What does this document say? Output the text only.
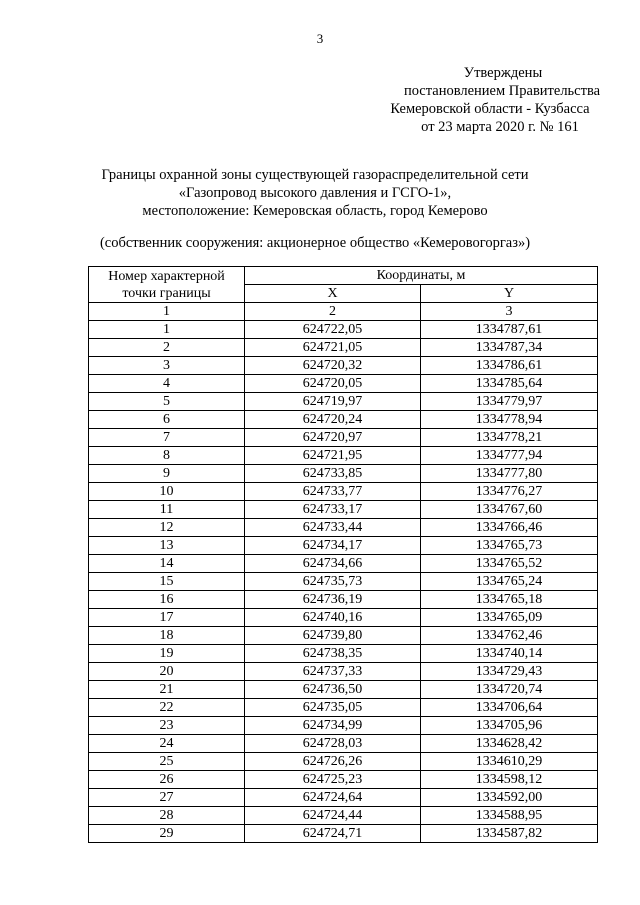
3
Утверждены
постановлением Правительства
Кемеровской области - Кузбасса
от 23 марта 2020 г. № 161
Границы охранной зоны существующей газораспределительной сети
«Газопровод высокого давления и ГСГО-1»,
местоположение: Кемеровская область, город Кемерово
(собственник сооружения: акционерное общество «Кемеровогоргаз»)
Номер характерной
точки границы	Координаты, м	
	X	Y
1	2	3
1	624722,05	1334787,61
2	624721,05	1334787,34
3	624720,32	1334786,61
4	624720,05	1334785,64
5	624719,97	1334779,97
6	624720,24	1334778,94
7	624720,97	1334778,21
8	624721,95	1334777,94
9	624733,85	1334777,80
10	624733,77	1334776,27
11	624733,17	1334767,60
12	624733,44	1334766,46
13	624734,17	1334765,73
14	624734,66	1334765,52
15	624735,73	1334765,24
16	624736,19	1334765,18
17	624740,16	1334765,09
18	624739,80	1334762,46
19	624738,35	1334740,14
20	624737,33	1334729,43
21	624736,50	1334720,74
22	624735,05	1334706,64
23	624734,99	1334705,96
24	624728,03	1334628,42
25	624726,26	1334610,29
26	624725,23	1334598,12
27	624724,64	1334592,00
28	624724,44	1334588,95
29	624724,71	1334587,82
